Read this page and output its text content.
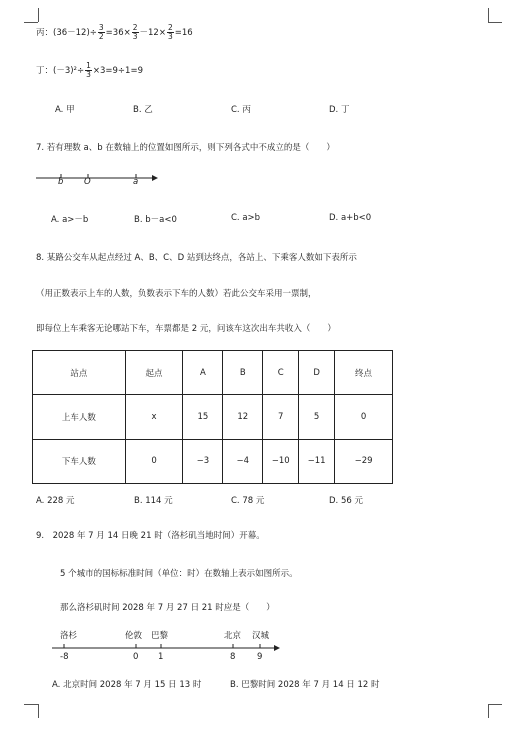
丙：$(36-12)\div \frac{3}{2} =36\times \frac{2}{3} -12\times \frac{2}{3} =16$
丁：$(-3)^2\div \frac{1}{3} \times 3=9\div 1=9$
A. 甲	B. 乙	C. 丙	D. 丁
7. 若有理数 a、b 在数轴上的位置如图所示，则下列各式中不成立的是（　　）
b O	a
A. a>－b	B. b－a<0	C. a>b	D. a+b<0
8. 某路公交车从起点经过 A、B、C、D 站到达终点，各站上、下乘客人数如下表所示
（用正数表示上车的人数，负数表示下车的人数）若此公交车采用一票制，
即每位上车乘客无论哪站下车，车票都是 2 元，问该车这次出车共收入（　　）
站点	起点	A	B	C	D	终点
上车人数	x	15	12	7	5	0
下车人数	0	−3	−4	−10	−11	−29
A. 228 元	B. 114 元	C. 78 元	D. 56 元
9.　2028 年 7 月 14 日晚 21 时（洛杉矶当地时间）开幕。
5 个城市的国标标准时间（单位：时）在数轴上表示如图所示。
那么洛杉矶时间 2028 年 7 月 27 日 21 时应是（　　）
洛杉	伦敦 巴黎	北京 汉城
-8	0 1	8	9
A. 北京时间 2028 年 7 月 15 日 13 时	B. 巴黎时间 2028 年 7 月 14 日 12 时
